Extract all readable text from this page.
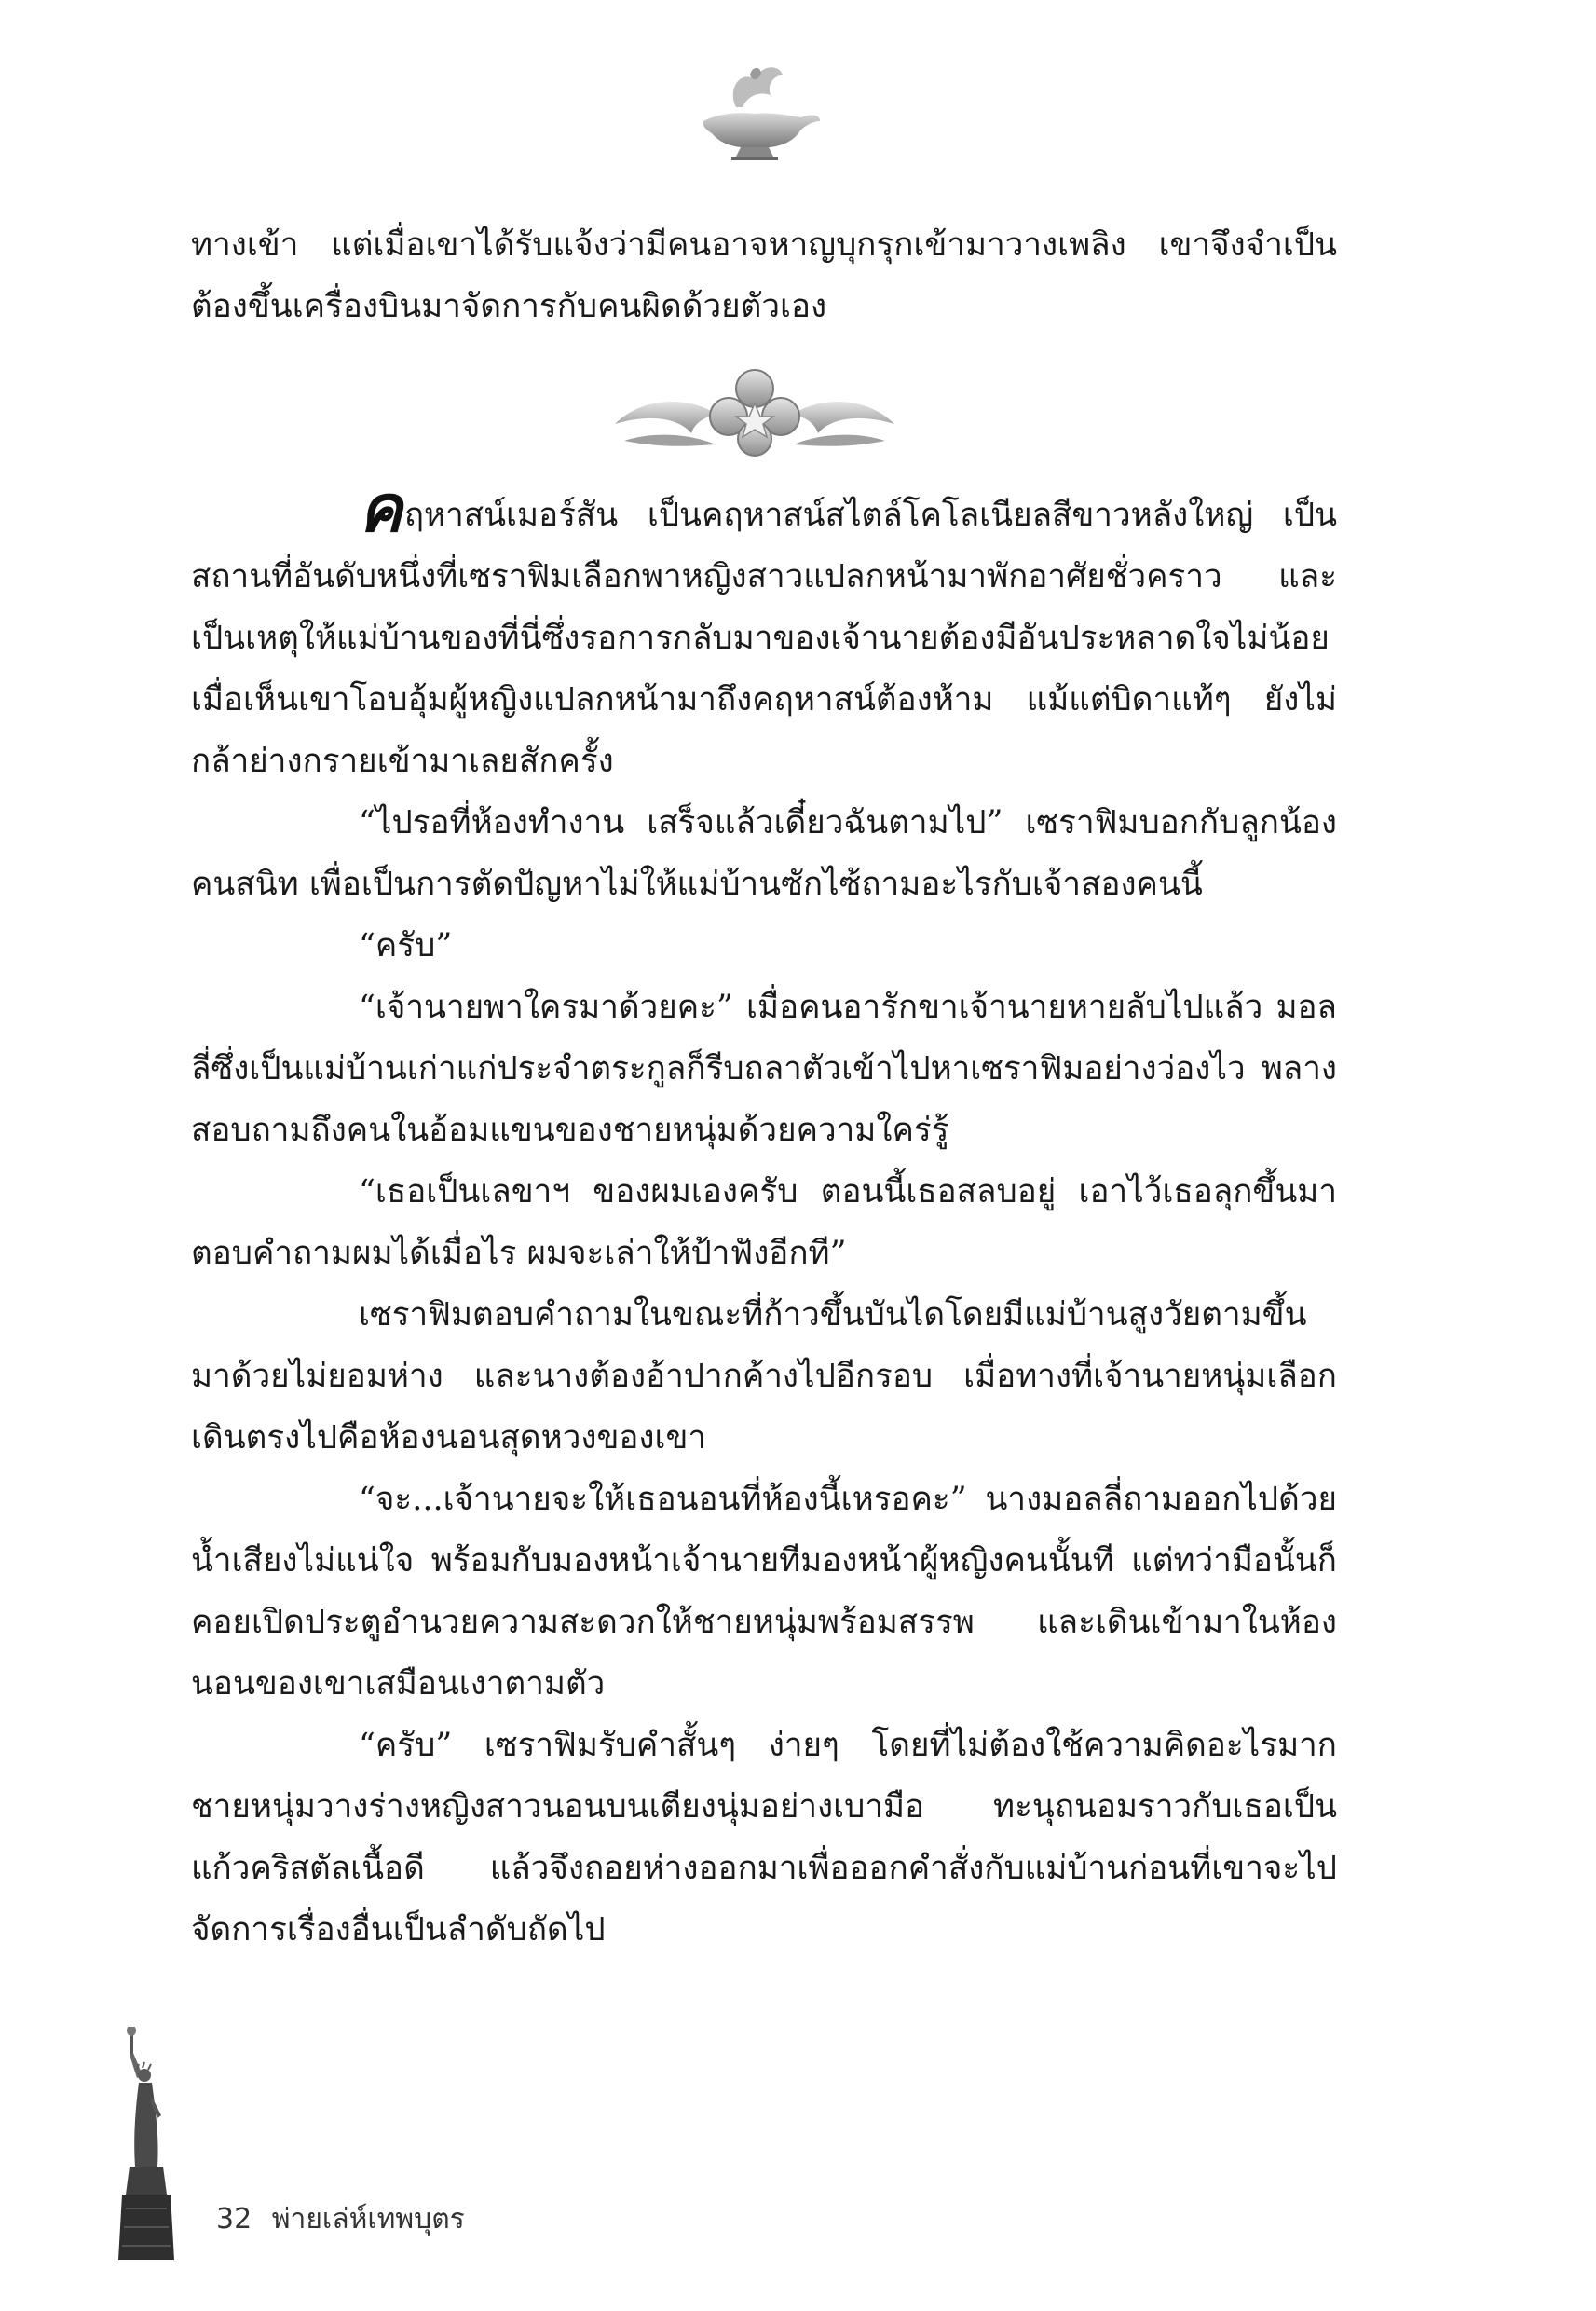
ทางเข้า แต่เมื่อเขาได้รับแจ้งว่ามีคนอาจหาญบุกรุกเข้ามาวางเพลิง เขาจึงจำเป็นต้องขึ้นเครื่องบินมาจัดการกับคนผิดด้วยตัวเอง

คฤหาสน์เมอร์สัน เป็นคฤหาสน์สไตล์โคโลเนียลสีขาวหลังใหญ่ เป็นสถานที่อันดับหนึ่งที่เซราฟิมเลือกพาหญิงสาวแปลกหน้ามาพักอาศัยชั่วคราว และเป็นเหตุให้แม่บ้านของที่นี่ซึ่งรอการกลับมาของเจ้านายต้องมีอันประหลาดใจไม่น้อย เมื่อเห็นเขาโอบอุ้มผู้หญิงแปลกหน้ามาถึงคฤหาสน์ต้องห้าม แม้แต่บิดาแท้ๆ ยังไม่กล้าย่างกรายเข้ามาเลยสักครั้ง

“ไปรอที่ห้องทำงาน เสร็จแล้วเดี๋ยวฉันตามไป” เซราฟิมบอกกับลูกน้องคนสนิท เพื่อเป็นการตัดปัญหาไม่ให้แม่บ้านซักไซ้ถามอะไรกับเจ้าสองคนนี้

“ครับ”

“เจ้านายพาใครมาด้วยคะ” เมื่อคนอารักขาเจ้านายหายลับไปแล้ว มอลลี่ซึ่งเป็นแม่บ้านเก่าแก่ประจำตระกูลก็รีบถลาตัวเข้าไปหาเซราฟิมอย่างว่องไว พลางสอบถามถึงคนในอ้อมแขนของชายหนุ่มด้วยความใคร่รู้

“เธอเป็นเลขาฯ ของผมเองครับ ตอนนี้เธอสลบอยู่ เอาไว้เธอลุกขึ้นมาตอบคำถามผมได้เมื่อไร ผมจะเล่าให้ป้าฟังอีกที”

เซราฟิมตอบคำถามในขณะที่ก้าวขึ้นบันไดโดยมีแม่บ้านสูงวัยตามขึ้นมาด้วยไม่ยอมห่าง และนางต้องอ้าปากค้างไปอีกรอบ เมื่อทางที่เจ้านายหนุ่มเลือกเดินตรงไปคือห้องนอนสุดหวงของเขา

“จะ...เจ้านายจะให้เธอนอนที่ห้องนี้เหรอคะ” นางมอลลี่ถามออกไปด้วยน้ำเสียงไม่แน่ใจ พร้อมกับมองหน้าเจ้านายทีมองหน้าผู้หญิงคนนั้นที แต่ทว่ามือนั้นก็คอยเปิดประตูอำนวยความสะดวกให้ชายหนุ่มพร้อมสรรพ และเดินเข้ามาในห้องนอนของเขาเสมือนเงาตามตัว

“ครับ” เซราฟิมรับคำสั้นๆ ง่ายๆ โดยที่ไม่ต้องใช้ความคิดอะไรมาก ชายหนุ่มวางร่างหญิงสาวนอนบนเตียงนุ่มอย่างเบามือ ทะนุถนอมราวกับเธอเป็นแก้วคริสตัลเนื้อดี แล้วจึงถอยห่างออกมาเพื่อออกคำสั่งกับแม่บ้านก่อนที่เขาจะไปจัดการเรื่องอื่นเป็นลำดับถัดไป

32 พ่ายเล่ห์เทพบุตร
